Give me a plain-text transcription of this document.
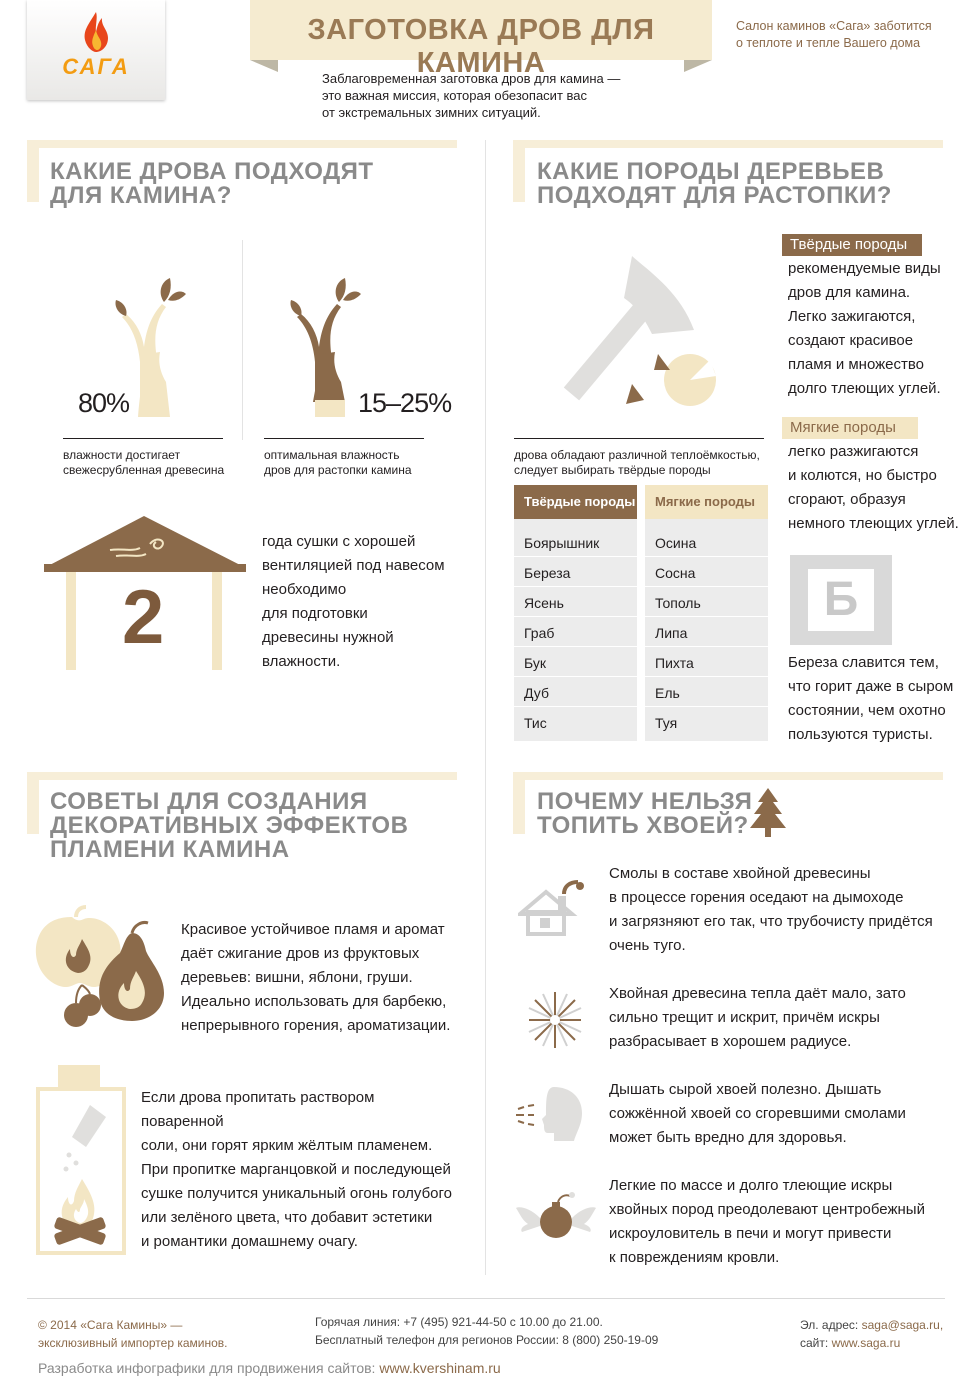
САГА
ЗАГОТОВКА ДРОВ ДЛЯ КАМИНА
Салон каминов «Сага» заботится
о теплоте и тепле Вашего дома
Заблаговременная заготовка дров для камина —
это важная миссия, которая обезопасит вас
от экстремальных зимних ситуаций.
КАКИЕ ДРОВА ПОДХОДЯТ
ДЛЯ КАМИНА?
80%
влажности достигает
свежесрубленная древесина
15–25%
оптимальная влажность
дров для растопки камина
2
года сушки с хорошей
вентиляцией под навесом
необходимо
для подготовки
древесины нужной
влажности.
КАКИЕ ПОРОДЫ ДЕРЕВЬЕВ
ПОДХОДЯТ ДЛЯ РАСТОПКИ?
дрова обладают различной теплоёмкостью,
следует выбирать твёрдые породы
Твёрдые породы
Боярышник
Береза
Ясень
Граб
Бук
Дуб
Тис
Мягкие породы
Осина
Сосна
Тополь
Липа
Пихта
Ель
Туя
Твёрдые породы
рекомендуемые виды
дров для камина.
Легко зажигаются,
создают красивое
пламя и множество
долго тлеющих углей.
Мягкие породы
легко разжигаются
и колются, но быстро
сгорают, образуя
немного тлеющих углей.
Б
Береза славится тем,
что горит даже в сыром
состоянии, чем охотно
пользуются туристы.
СОВЕТЫ ДЛЯ СОЗДАНИЯ
ДЕКОРАТИВНЫХ ЭФФЕКТОВ
ПЛАМЕНИ КАМИНА
Красивое устойчивое пламя и аромат
даёт сжигание дров из фруктовых
деревьев: вишни, яблони, груши.
Идеально использовать для барбекю,
непрерывного горения, ароматизации.
Если дрова пропитать раствором поваренной
соли, они горят ярким жёлтым пламенем.
При пропитке марганцовкой и последующей
сушке получится уникальный огонь голубого
или зелёного цвета, что добавит эстетики
и романтики домашнему очагу.
ПОЧЕМУ НЕЛЬЗЯ
ТОПИТЬ ХВОЕЙ?
Смолы в составе хвойной древесины
в процессе горения оседают на дымоходе
и загрязняют его так, что трубочисту придётся
очень туго.
Хвойная древесина тепла даёт мало, зато
сильно трещит и искрит, причём искры
разбрасывает в хорошем радиусе.
Дышать сырой хвоей полезно. Дышать
сожжённой хвоей со сгоревшими смолами
может быть вредно для здоровья.
Легкие по массе и долго тлеющие искры
хвойных пород преодолевают центробежный
искроуловитель в печи и могут привести
к повреждениям кровли.
© 2014 «Сага Камины» —
эксклюзивный импортер каминов.
Горячая линия: +7 (495) 921-44-50 с 10.00 до 21.00.
Бесплатный телефон для регионов России: 8 (800) 250-19-09
Эл. адрес: saga@saga.ru,
сайт: www.saga.ru
Разработка инфографики для продвижения сайтов: www.kvershinam.ru
